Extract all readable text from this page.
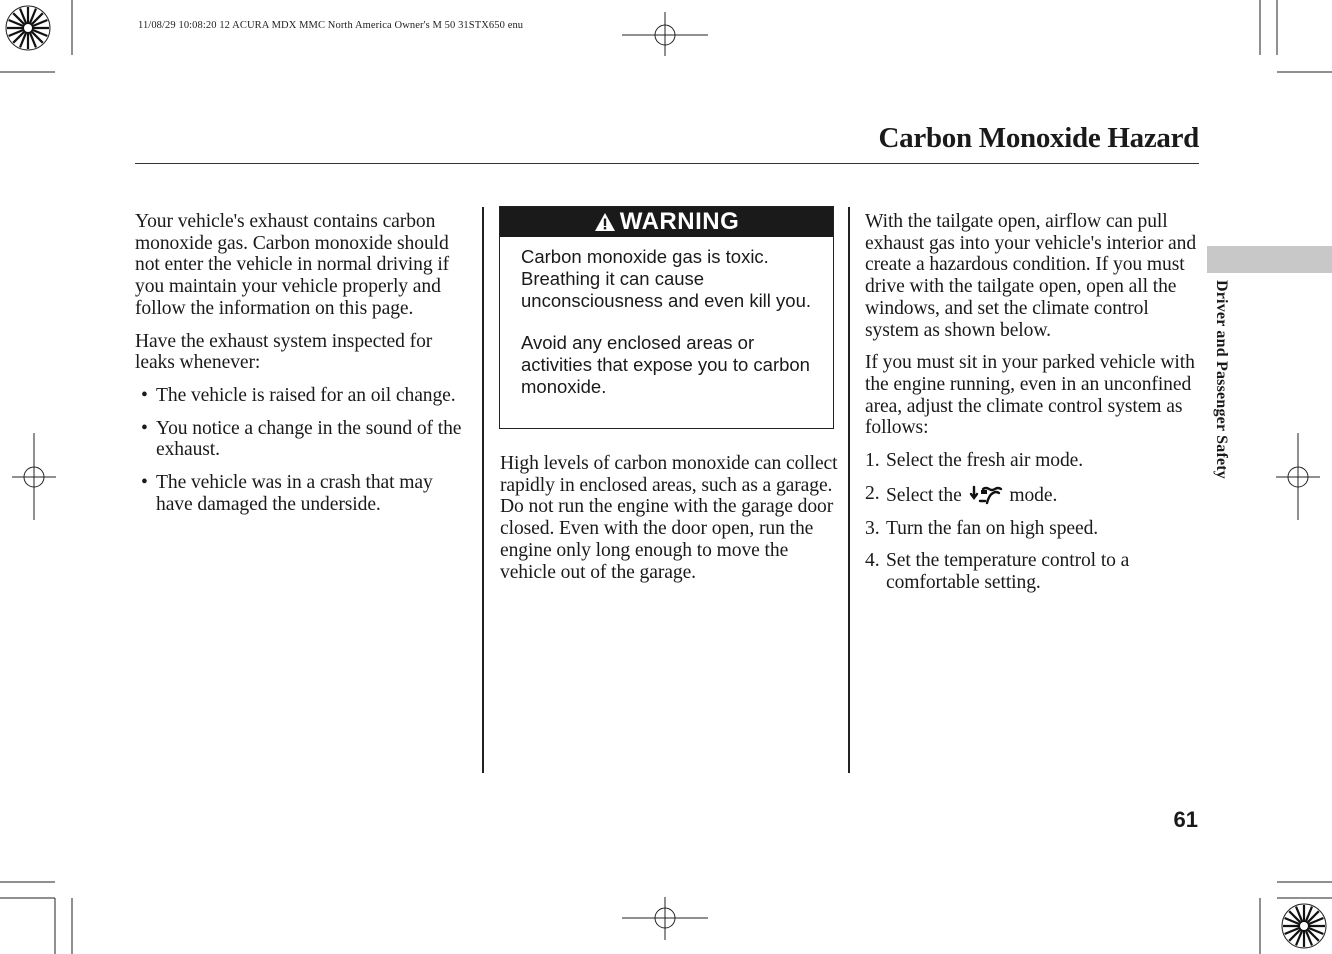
11/08/29 10:08:20 12 ACURA MDX MMC North America Owner's M 50 31STX650 enu
Carbon Monoxide Hazard
Driver and Passenger Safety

Your vehicle's exhaust contains carbon monoxide gas. Carbon monoxide should not enter the vehicle in normal driving if you maintain your vehicle properly and follow the information on this page.

Have the exhaust system inspected for leaks whenever:

• The vehicle is raised for an oil change.
• You notice a change in the sound of the exhaust.
• The vehicle was in a crash that may have damaged the underside.
WARNING

Carbon monoxide gas is toxic. Breathing it can cause unconsciousness and even kill you.

Avoid any enclosed areas or activities that expose you to carbon monoxide.

High levels of carbon monoxide can collect rapidly in enclosed areas, such as a garage. Do not run the engine with the garage door closed. Even with the door open, run the engine only long enough to move the vehicle out of the garage.

With the tailgate open, airflow can pull exhaust gas into your vehicle's interior and create a hazardous condition. If you must drive with the tailgate open, open all the windows, and set the climate control system as shown below.

If you must sit in your parked vehicle with the engine running, even in an unconfined area, adjust the climate control system as follows:

1. Select the fresh air mode.
2. Select the mode.
3. Turn the fan on high speed.
4. Set the temperature control to a comfortable setting.
61
